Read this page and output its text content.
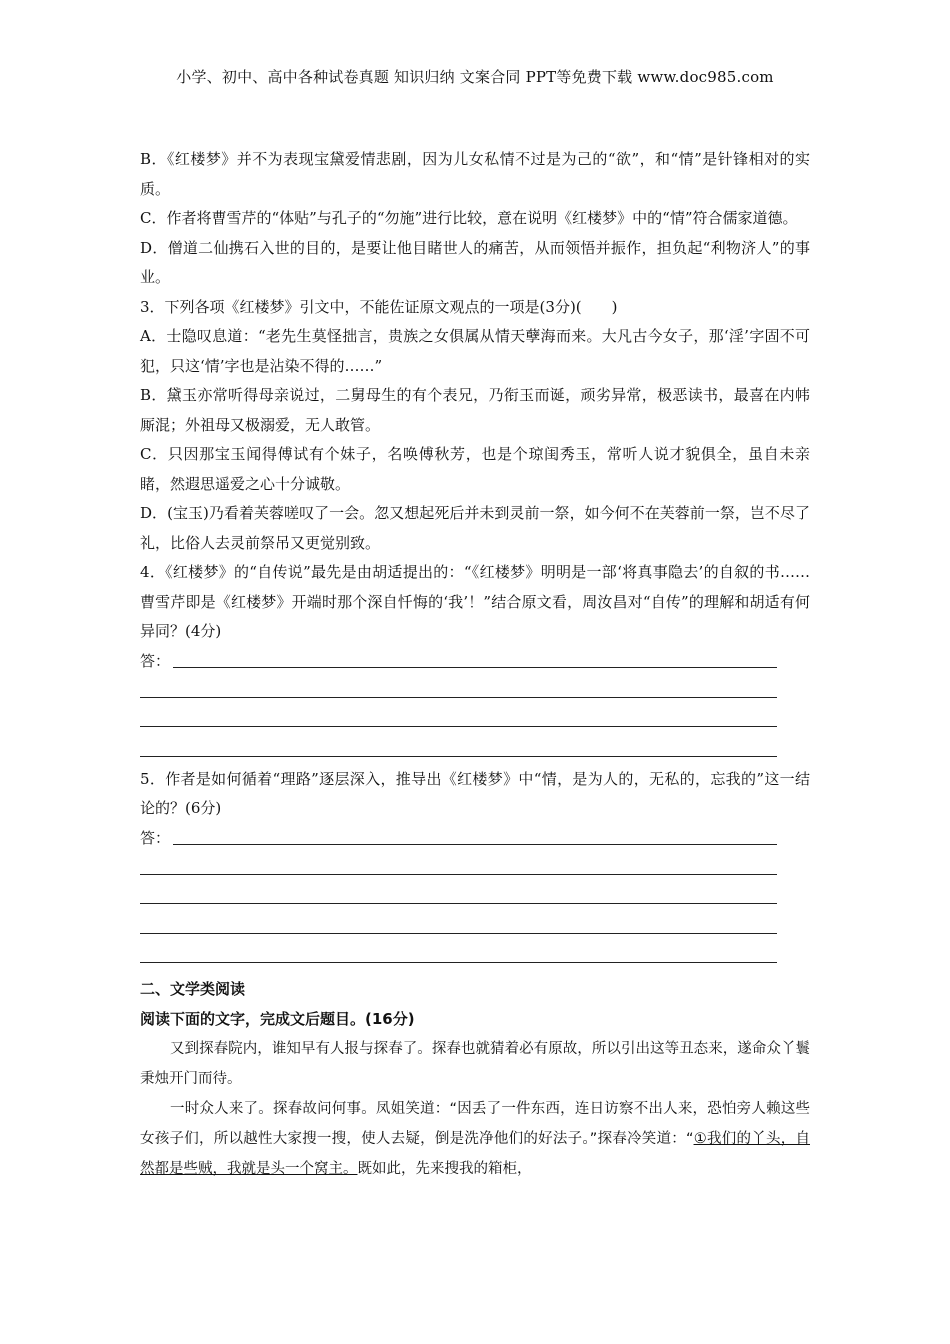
小学、初中、高中各种试卷真题 知识归纳 文案合同 PPT等免费下载 www.doc985.com

B．《红楼梦》并不为表现宝黛爱情悲剧，因为儿女私情不过是为己的“欲”，和“情”是针锋相对的实质。

C．作者将曹雪芹的“体贴”与孔子的“勿施”进行比较，意在说明《红楼梦》中的“情”符合儒家道德。

D．僧道二仙携石入世的目的，是要让他目睹世人的痛苦，从而领悟并振作，担负起“利物济人”的事业。

3．下列各项《红楼梦》引文中，不能佐证原文观点的一项是(3分)(　　)

A．士隐叹息道：“老先生莫怪拙言，贵族之女俱属从情天孽海而来。大凡古今女子，那‘淫’字固不可犯，只这‘情’字也是沾染不得的……”

B．黛玉亦常听得母亲说过，二舅母生的有个表兄，乃衔玉而诞，顽劣异常，极恶读书，最喜在内帏厮混；外祖母又极溺爱，无人敢管。

C．只因那宝玉闻得傅试有个妹子，名唤傅秋芳，也是个琼闺秀玉，常听人说才貌俱全，虽自未亲睹，然遐思遥爱之心十分诚敬。

D．(宝玉)乃看着芙蓉嗟叹了一会。忽又想起死后并未到灵前一祭，如今何不在芙蓉前一祭，岂不尽了礼，比俗人去灵前祭吊又更觉别致。

4．《红楼梦》的“自传说”最先是由胡适提出的：“《红楼梦》明明是一部‘将真事隐去’的自叙的书……曹雪芹即是《红楼梦》开端时那个深自忏悔的‘我’！”结合原文看，周汝昌对“自传”的理解和胡适有何异同？(4分)

答：

5．作者是如何循着“理路”逐层深入，推导出《红楼梦》中“情，是为人的，无私的，忘我的”这一结论的？(6分)

答：

二、文学类阅读

阅读下面的文字，完成文后题目。(16分)

又到探春院内，谁知早有人报与探春了。探春也就猜着必有原故，所以引出这等丑态来，遂命众丫鬟秉烛开门而待。

一时众人来了。探春故问何事。凤姐笑道：“因丢了一件东西，连日访察不出人来，恐怕旁人赖这些女孩子们，所以越性大家搜一搜，使人去疑，倒是洗净他们的好法子。”探春冷笑道：“①我们的丫头，自然都是些贼，我就是头一个窝主。既如此，先来搜我的箱柜，
